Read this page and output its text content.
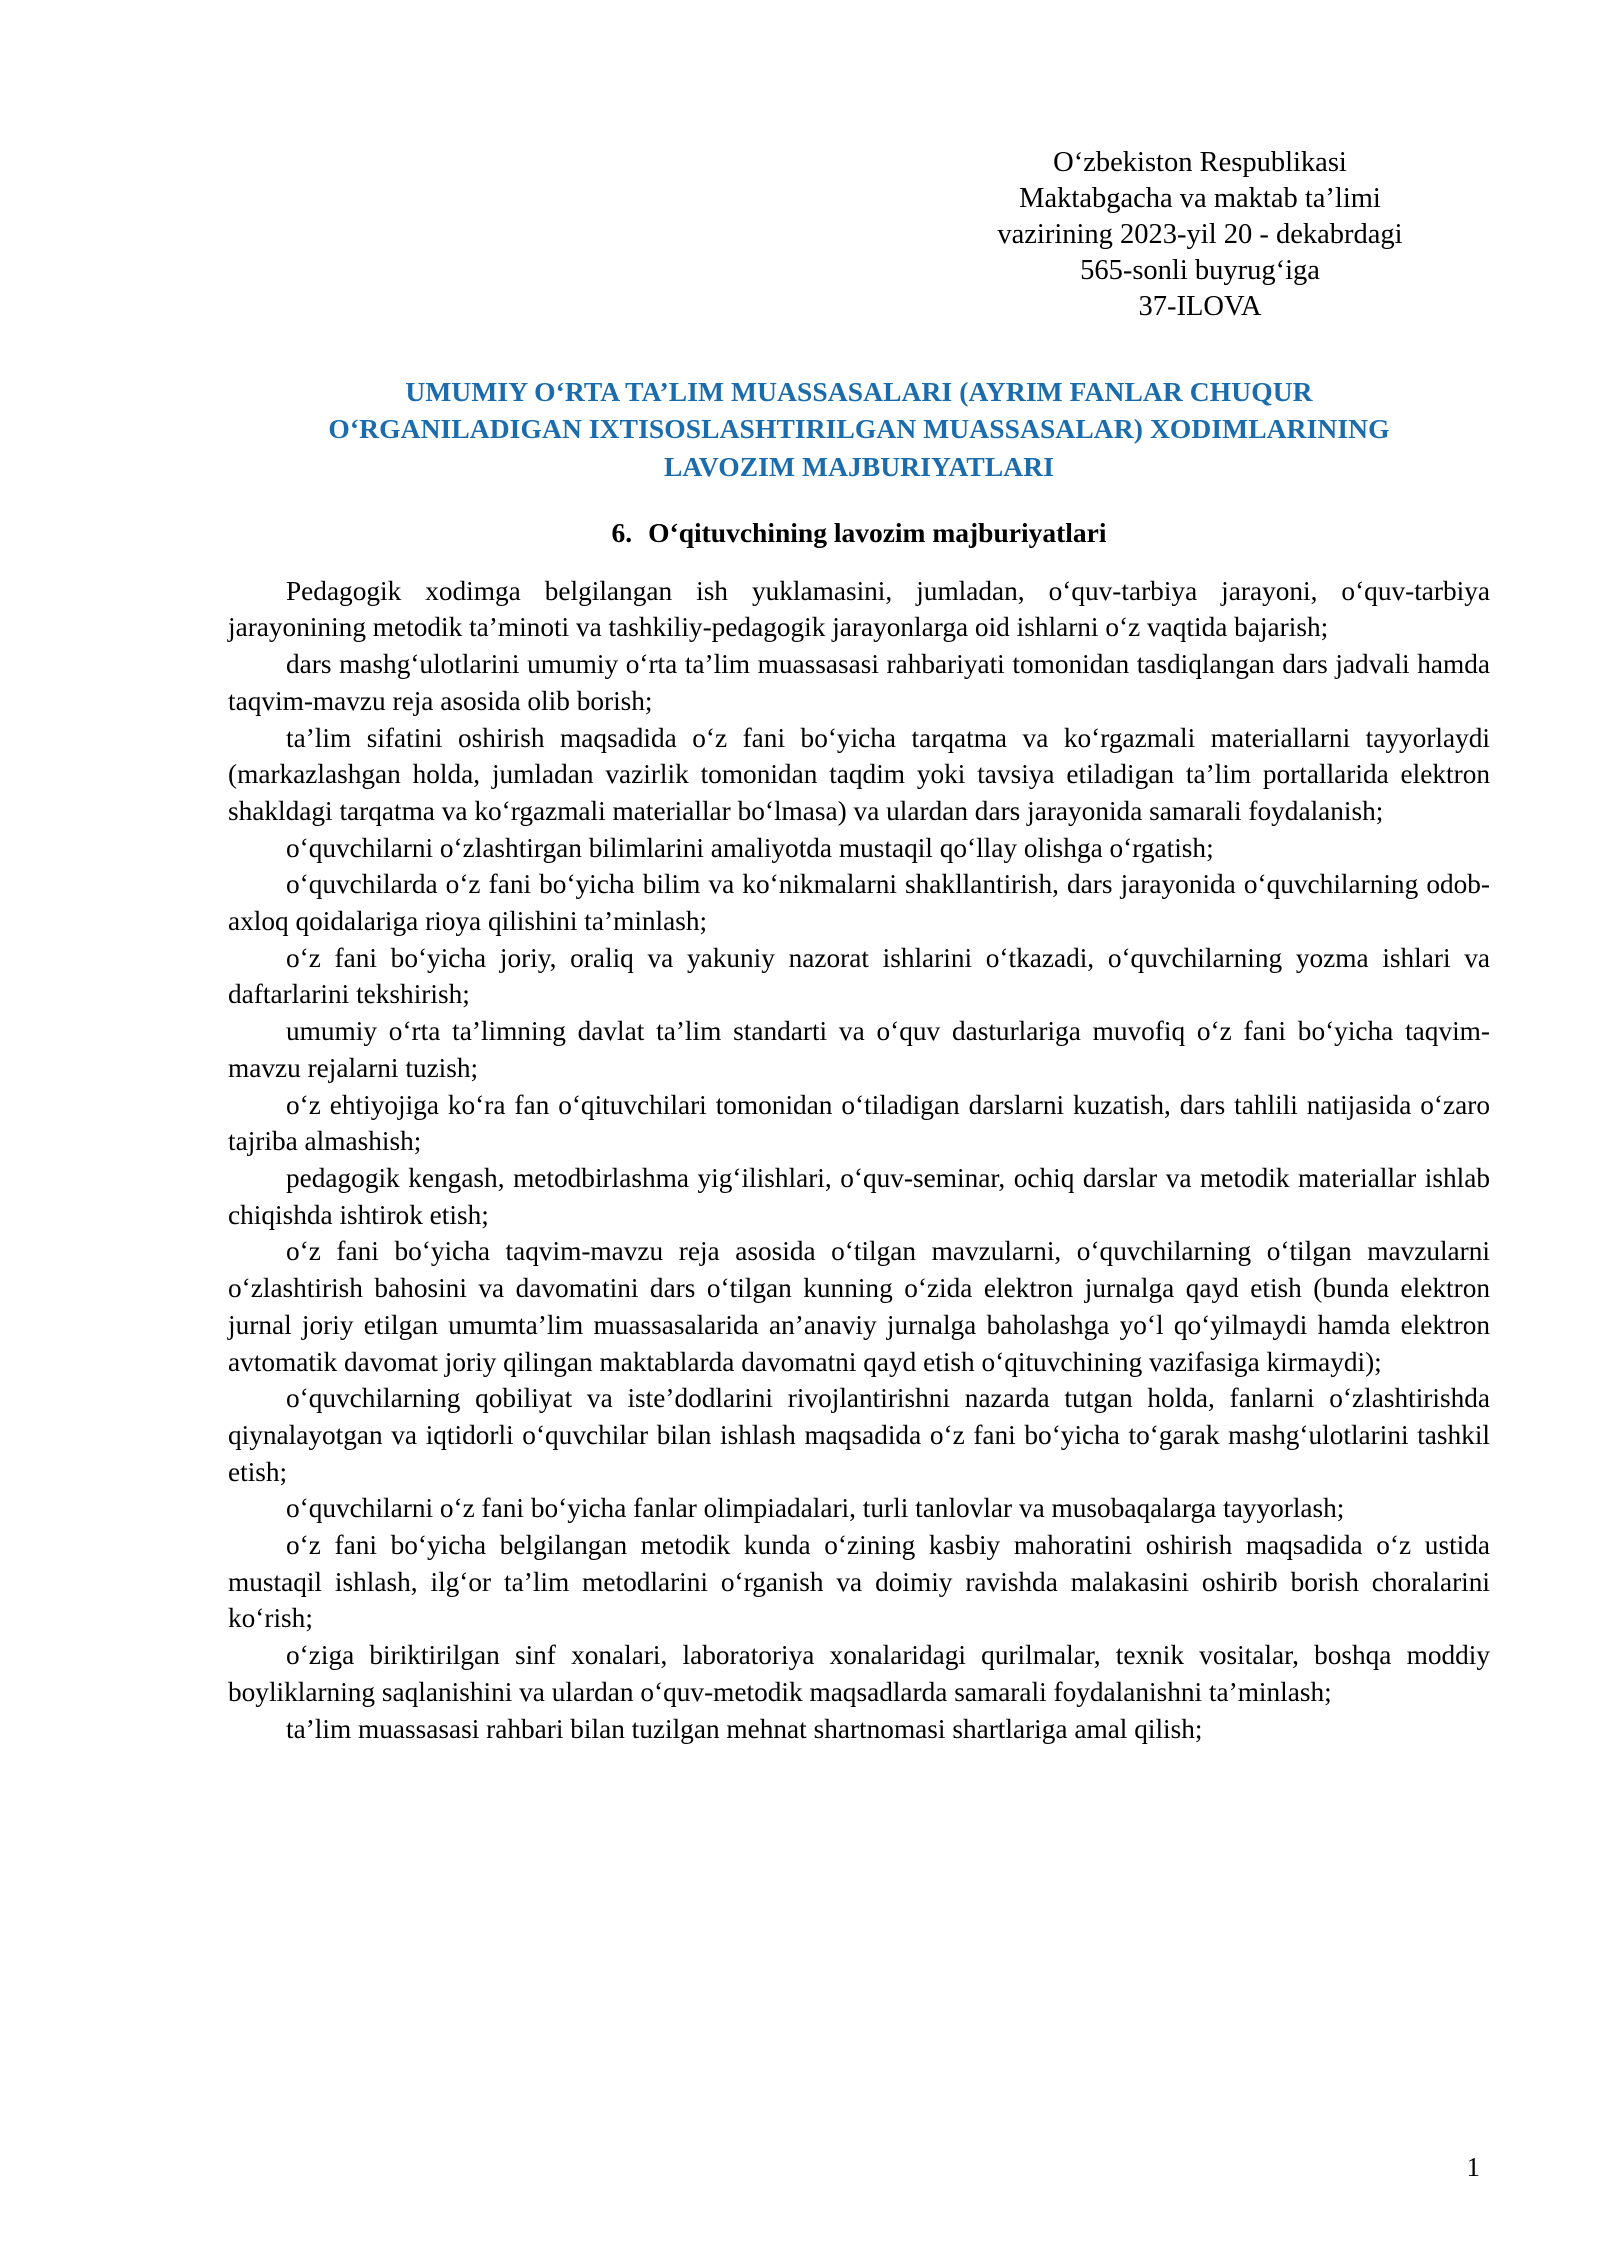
O‘zbekiston Respublikasi
Maktabgacha va maktab ta’limi
vazirining 2023-yil 20 - dekabrdagi
565-sonli buyrug‘iga
37-ILOVA
UMUMIY O‘RTA TA’LIM MUASSASALARI (AYRIM FANLAR CHUQUR
O‘RGANILADIGAN IXTISOSLASHTIRILGAN MUASSASALAR) XODIMLARINING
LAVOZIM MAJBURIYATLARI
6. O‘qituvchining lavozim majburiyatlari

Pedagogik xodimga belgilangan ish yuklamasini, jumladan, o‘quv-tarbiya jarayoni, o‘quv-tarbiya jarayonining metodik ta’minoti va tashkiliy-pedagogik jarayonlarga oid ishlarni o‘z vaqtida bajarish;

dars mashg‘ulotlarini umumiy o‘rta ta’lim muassasasi rahbariyati tomonidan tasdiqlangan dars jadvali hamda taqvim-mavzu reja asosida olib borish;

ta’lim sifatini oshirish maqsadida o‘z fani bo‘yicha tarqatma va ko‘rgazmali materiallarni tayyorlaydi (markazlashgan holda, jumladan vazirlik tomonidan taqdim yoki tavsiya etiladigan ta’lim portallarida elektron shakldagi tarqatma va ko‘rgazmali materiallar bo‘lmasa) va ulardan dars jarayonida samarali foydalanish;

o‘quvchilarni o‘zlashtirgan bilimlarini amaliyotda mustaqil qo‘llay olishga o‘rgatish;

o‘quvchilarda o‘z fani bo‘yicha bilim va ko‘nikmalarni shakllantirish, dars jarayonida o‘quvchilarning odob-axloq qoidalariga rioya qilishini ta’minlash;

o‘z fani bo‘yicha joriy, oraliq va yakuniy nazorat ishlarini o‘tkazadi, o‘quvchilarning yozma ishlari va daftarlarini tekshirish;

umumiy o‘rta ta’limning davlat ta’lim standarti va o‘quv dasturlariga muvofiq o‘z fani bo‘yicha taqvim-mavzu rejalarni tuzish;

o‘z ehtiyojiga ko‘ra fan o‘qituvchilari tomonidan o‘tiladigan darslarni kuzatish, dars tahlili natijasida o‘zaro tajriba almashish;

pedagogik kengash, metodbirlashma yig‘ilishlari, o‘quv-seminar, ochiq darslar va metodik materiallar ishlab chiqishda ishtirok etish;

o‘z fani bo‘yicha taqvim-mavzu reja asosida o‘tilgan mavzularni, o‘quvchilarning o‘tilgan mavzularni o‘zlashtirish bahosini va davomatini dars o‘tilgan kunning o‘zida elektron jurnalga qayd etish (bunda elektron jurnal joriy etilgan umumta’lim muassasalarida an’anaviy jurnalga baholashga yo‘l qo‘yilmaydi hamda elektron avtomatik davomat joriy qilingan maktablarda davomatni qayd etish o‘qituvchining vazifasiga kirmaydi);

o‘quvchilarning qobiliyat va iste’dodlarini rivojlantirishni nazarda tutgan holda, fanlarni o‘zlashtirishda qiynalayotgan va iqtidorli o‘quvchilar bilan ishlash maqsadida o‘z fani bo‘yicha to‘garak mashg‘ulotlarini tashkil etish;

o‘quvchilarni o‘z fani bo‘yicha fanlar olimpiadalari, turli tanlovlar va musobaqalarga tayyorlash;

o‘z fani bo‘yicha belgilangan metodik kunda o‘zining kasbiy mahoratini oshirish maqsadida o‘z ustida mustaqil ishlash, ilg‘or ta’lim metodlarini o‘rganish va doimiy ravishda malakasini oshirib borish choralarini ko‘rish;

o‘ziga biriktirilgan sinf xonalari, laboratoriya xonalaridagi qurilmalar, texnik vositalar, boshqa moddiy boyliklarning saqlanishini va ulardan o‘quv-metodik maqsadlarda samarali foydalanishni ta’minlash;

ta’lim muassasasi rahbari bilan tuzilgan mehnat shartnomasi shartlariga amal qilish;

1
